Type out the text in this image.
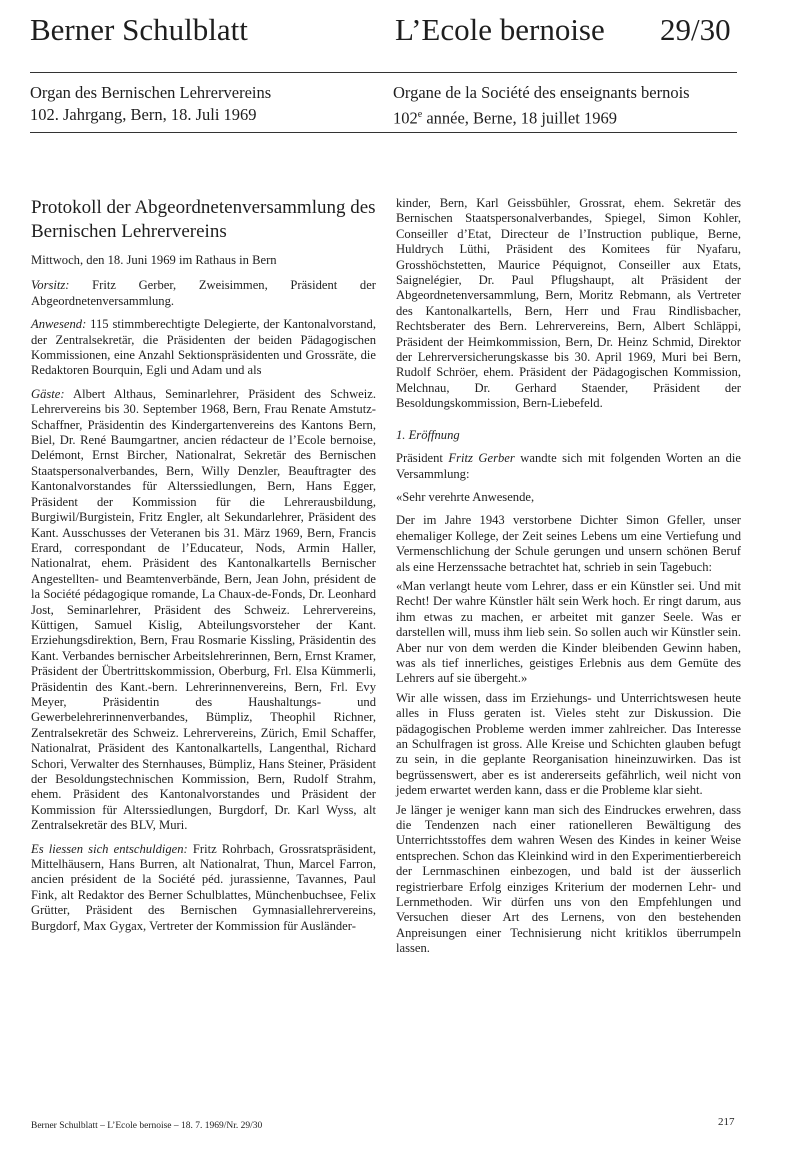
Berner Schulblatt	L’Ecole bernoise 29/30
Organ des Bernischen Lehrervereins
102. Jahrgang, Bern, 18. Juli 1969
Organe de la Société des enseignants bernois
102e année, Berne, 18 juillet 1969
Protokoll der Abgeordnetenversammlung des Bernischen Lehrervereins

Mittwoch, den 18. Juni 1969 im Rathaus in Bern

Vorsitz: Fritz Gerber, Zweisimmen, Präsident der Abgeordnetenversammlung.

Anwesend: 115 stimmberechtigte Delegierte, der Kantonalvorstand, der Zentralsekretär, die Präsidenten der beiden Pädagogischen Kommissionen, eine Anzahl Sektionspräsidenten und Grossräte, die Redaktoren Bourquin, Egli und Adam und als

Gäste: Albert Althaus, Seminarlehrer, Präsident des Schweiz. Lehrervereins bis 30. September 1968, Bern, Frau Renate Amstutz-Schaffner, Präsidentin des Kindergartenvereins des Kantons Bern, Biel, Dr. René Baumgartner, ancien rédacteur de l’Ecole bernoise, Delémont, Ernst Bircher, Nationalrat, Sekretär des Bernischen Staatspersonalverbandes, Bern, Willy Denzler, Beauftragter des Kantonalvorstandes für Alterssiedlungen, Bern, Hans Egger, Präsident der Kommission für die Lehrerausbildung, Burgiwil/Burgistein, Fritz Engler, alt Sekundarlehrer, Präsident des Kant. Ausschusses der Veteranen bis 31. März 1969, Bern, Francis Erard, correspondant de l’Educateur, Nods, Armin Haller, Nationalrat, ehem. Präsident des Kantonalkartells Bernischer Angestellten- und Beamtenverbände, Bern, Jean John, président de la Société pédagogique romande, La Chaux-de-Fonds, Dr. Leonhard Jost, Seminarlehrer, Präsident des Schweiz. Lehrervereins, Küttigen, Samuel Kislig, Abteilungsvorsteher der Kant. Erziehungsdirektion, Bern, Frau Rosmarie Kissling, Präsidentin des Kant. Verbandes bernischer Arbeitslehrerinnen, Bern, Ernst Kramer, Präsident der Übertrittskommission, Oberburg, Frl. Elsa Kümmerli, Präsidentin des Kant.-bern. Lehrerinnenvereins, Bern, Frl. Evy Meyer, Präsidentin des Haushaltungs- und Gewerbelehrerinnenverbandes, Bümpliz, Theophil Richner, Zentralsekretär des Schweiz. Lehrervereins, Zürich, Emil Schaffer, Nationalrat, Präsident des Kantonalkartells, Langenthal, Richard Schori, Verwalter des Sternhauses, Bümpliz, Hans Steiner, Präsident der Besoldungstechnischen Kommission, Bern, Rudolf Strahm, ehem. Präsident des Kantonalvorstandes und Präsident der Kommission für Alterssiedlungen, Burgdorf, Dr. Karl Wyss, alt Zentralsekretär des BLV, Muri.

Es liessen sich entschuldigen: Fritz Rohrbach, Grossratspräsident, Mittelhäusern, Hans Burren, alt Nationalrat, Thun, Marcel Farron, ancien président de la Société péd. jurassienne, Tavannes, Paul Fink, alt Redaktor des Berner Schulblattes, Münchenbuchsee, Felix Grütter, Präsident des Bernischen Gymnasiallehrervereins, Burgdorf, Max Gygax, Vertreter der Kommission für Ausländer-

kinder, Bern, Karl Geissbühler, Grossrat, ehem. Sekretär des Bernischen Staatspersonalverbandes, Spiegel, Simon Kohler, Conseiller d’Etat, Directeur de l’Instruction publique, Berne, Huldrych Lüthi, Präsident des Komitees für Nyafaru, Grosshöchstetten, Maurice Péquignot, Conseiller aux Etats, Saignelégier, Dr. Paul Pflugshaupt, alt Präsident der Abgeordnetenversammlung, Bern, Moritz Rebmann, als Vertreter des Kantonalkartells, Bern, Herr und Frau Rindlisbacher, Rechtsberater des Bern. Lehrervereins, Bern, Albert Schläppi, Präsident der Heimkommission, Bern, Dr. Heinz Schmid, Direktor der Lehrerversicherungskasse bis 30. April 1969, Muri bei Bern, Rudolf Schröer, ehem. Präsident der Pädagogischen Kommission, Melchnau, Dr. Gerhard Staender, Präsident der Besoldungskommission, Bern-Liebefeld.

1. Eröffnung

Präsident Fritz Gerber wandte sich mit folgenden Worten an die Versammlung:

«Sehr verehrte Anwesende,

Der im Jahre 1943 verstorbene Dichter Simon Gfeller, unser ehemaliger Kollege, der Zeit seines Lebens um eine Vertiefung und Vermenschlichung der Schule gerungen und unsern schönen Beruf als eine Herzenssache betrachtet hat, schrieb in sein Tagebuch:

«Man verlangt heute vom Lehrer, dass er ein Künstler sei. Und mit Recht! Der wahre Künstler hält sein Werk hoch. Er ringt darum, aus ihm etwas zu machen, er arbeitet mit ganzer Seele. Was er darstellen will, muss ihm lieb sein. So sollen auch wir Künstler sein. Aber nur von dem werden die Kinder bleibenden Gewinn haben, was als tief innerliches, geistiges Erlebnis aus dem Gemüte des Lehrers auf sie übergeht.»

Wir alle wissen, dass im Erziehungs- und Unterrichtswesen heute alles in Fluss geraten ist. Vieles steht zur Diskussion. Die pädagogischen Probleme werden immer zahlreicher. Das Interesse an Schulfragen ist gross. Alle Kreise und Schichten glauben befugt zu sein, in die geplante Reorganisation hineinzuwirken. Das ist begrüssenswert, aber es ist andererseits gefährlich, weil nicht von jedem erwartet werden kann, dass er die Probleme klar sieht.

Je länger je weniger kann man sich des Eindruckes erwehren, dass die Tendenzen nach einer rationelleren Bewältigung des Unterrichtsstoffes dem wahren Wesen des Kindes in keiner Weise entsprechen. Schon das Kleinkind wird in den Experimentierbereich der Lernmaschinen einbezogen, und bald ist der äusserlich registrierbare Erfolg einziges Kriterium der modernen Lehr- und Lernmethoden. Wir dürfen uns von den Empfehlungen und Versuchen dieser Art des Lernens, von den bestehenden Anpreisungen einer Technisierung nicht kritiklos überrumpeln lassen.

Berner Schulblatt – L’Ecole bernoise – 18. 7. 1969/Nr. 29/30	217
